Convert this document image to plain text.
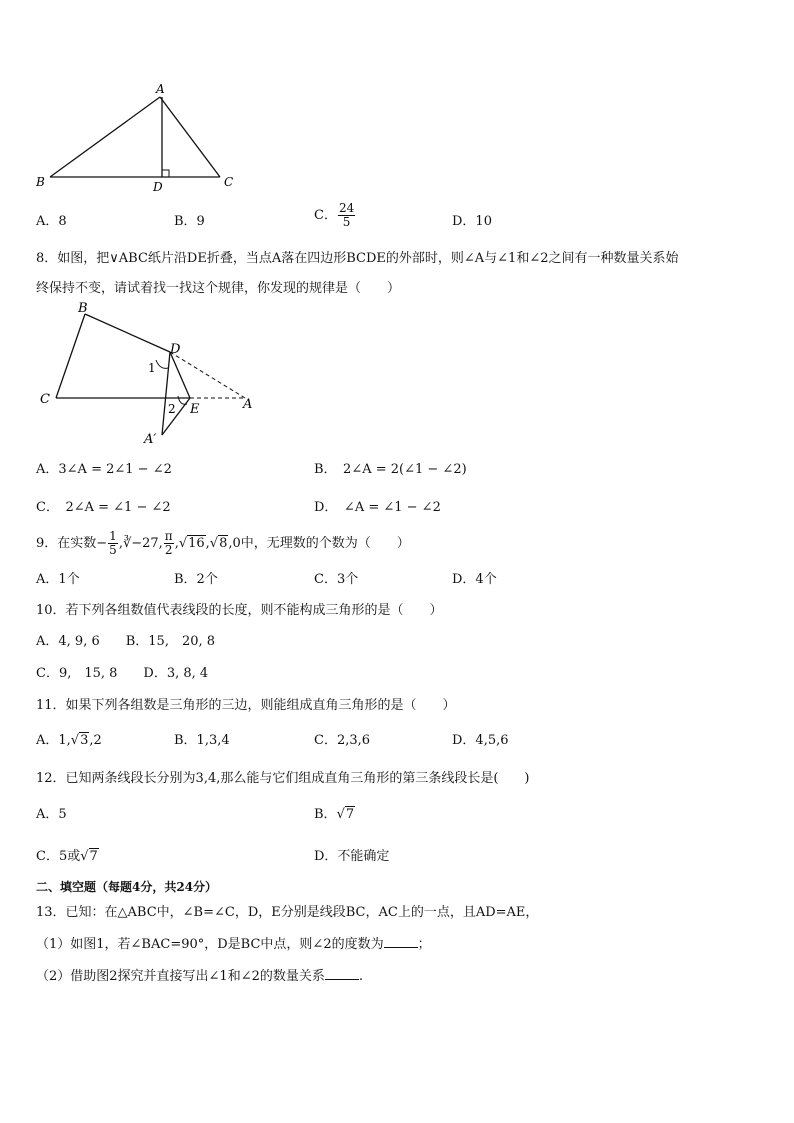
A
B	C
D
A．8	B．9	C． $\frac{24}{5}$	D．10
8．如图，把∨ABC纸片沿DE折叠，当点A落在四边形BCDE的外部时，则∠A与∠1和∠2之间有一种数量关系始
终保持不变，请试着找一找这个规律，你发现的规律是（　　）
B
C
D
E	A
A′
1
2
A．3∠A = 2∠1 − ∠2	B．　2∠A = 2(∠1 − ∠2)
C．　2∠A = ∠1 − ∠2	D．　∠A = ∠1 − ∠2
9．在实数− $\frac{1}{5}$ ,∛−27, $\frac{\pi}{2} ,√16,√8,0$中，无理数的个数为（　　）
A．1个	B．2个	C．3个	D．4个
10．若下列各组数值代表线段的长度，则不能构成三角形的是（　　）
A．4, 9, 6　　B．15,　20, 8
C．9,　15, 8　　D．3, 8, 4
11．如果下列各组数是三角形的三边，则能组成直角三角形的是（　　）
A．1,√3,2	B．1,3,4	C．2,3,6	D．4,5,6
12．已知两条线段长分别为3,4,那么能与它们组成直角三角形的第三条线段长是(　　)
A．5	B．√7
C．5或√7	D．不能确定
二、填空题（每题4分，共24分）
13．已知：在△ABC中，∠B=∠C，D，E分别是线段BC，AC上的一点，且AD=AE，
（1）如图1，若∠BAC=90°，D是BC中点，则∠2的度数为	；
（2）借助图2探究并直接写出∠1和∠2的数量关系	.
